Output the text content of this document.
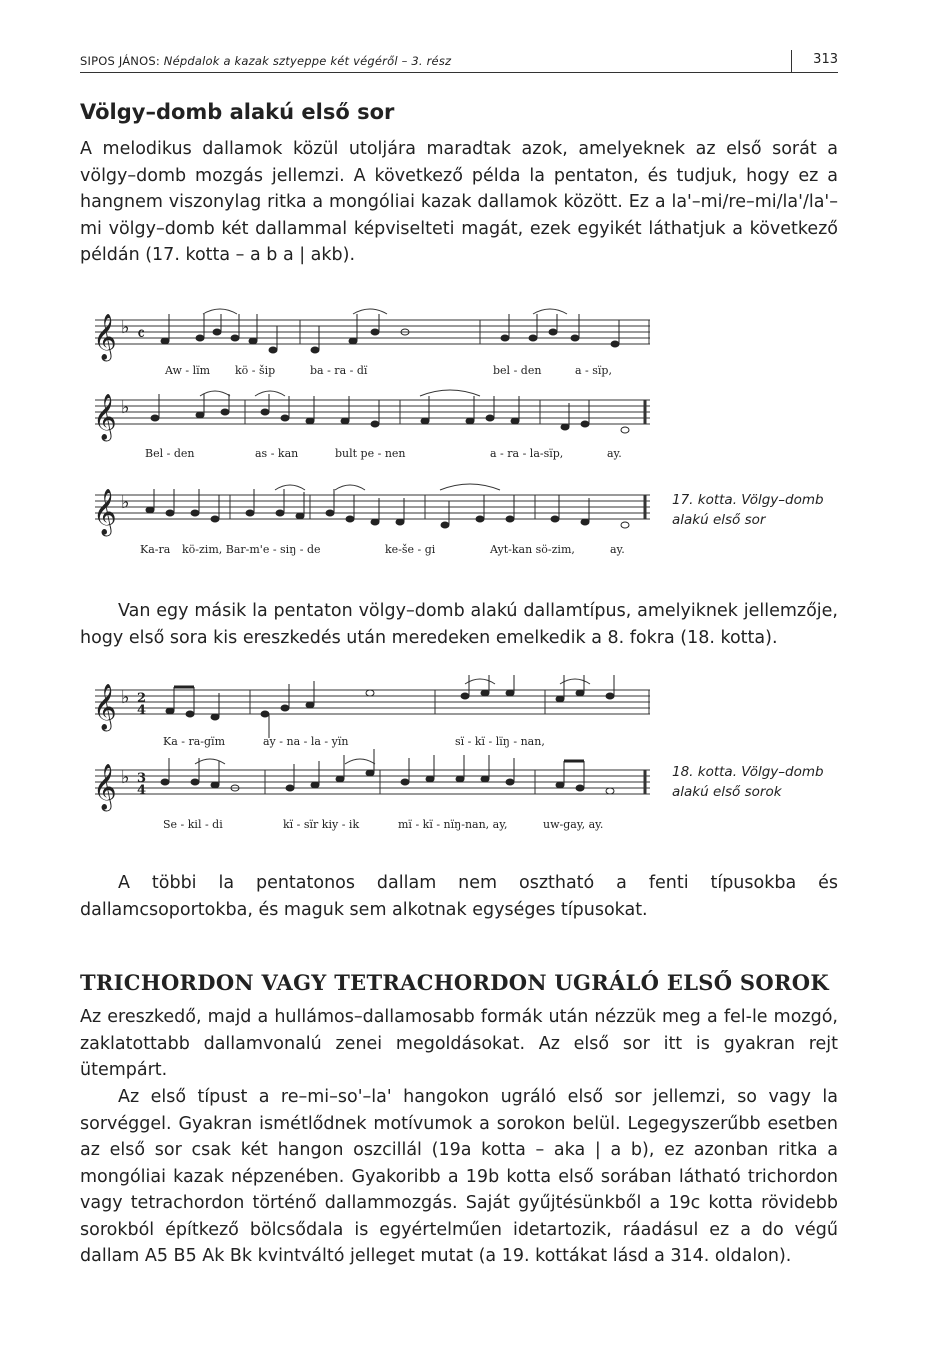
SIPOS JÁNOS: Népdalok a kazak sztyeppe két végéről – 3. rész	313
Völgy–domb alakú első sor

A melodikus dallamok közül utoljára maradtak azok, amelyeknek az első sorát a völgy–domb mozgás jellemzi. A következő példa la pentaton, és tudjuk, hogy ez a hangnem viszonylag ritka a mongóliai kazak dallamok között. Ez a la'–mi/re–mi/la'/la'–mi völgy–domb két dallammal képviselteti magát, ezek egyikét láthatjuk a következő példán (17. kotta – a b a | akb).

𝄞
𝄞
𝄞
♭
♭
♭
𝄴
Aw - lïm kö - šip	ba - ra - dï	bel - den	a - sïp,
Bel - den	as - kan	bult pe - nen	a - ra - la-sïp,	ay.
Ka-ra kö-zim, Bar-m'e - siŋ - de	ke-še - gi	Ayt-kan sö-zim,	ay.
17. kotta. Völgy–domb alakú első sor

Van egy másik la pentaton völgy–domb alakú dallamtípus, amelyiknek jellemzője, hogy első sora kis ereszkedés után meredeken emelkedik a 8. fokra (18. kotta).

𝄞
𝄞
♭
♭
2
4
3
4
Ka - ra-gïm	ay - na - la - yïn	sï - kï - lïŋ - nan,
Se - kil - di	kï - sïr kiy - ik	mï - kï - nïŋ-nan, ay,	uw-gay, ay.
18. kotta. Völgy–domb alakú első sorok

A többi la pentatonos dallam nem osztható a fenti típusokba és dallamcsoportokba, és maguk sem alkotnak egységes típusokat.

TRICHORDON VAGY TETRACHORDON UGRÁLÓ ELSŐ SOROK

Az ereszkedő, majd a hullámos–dallamosabb formák után nézzük meg a fel-le mozgó, zaklatottabb dallamvonalú zenei megoldásokat. Az első sor itt is gyakran rejt ütempárt.

Az első típust a re–mi–so'–la' hangokon ugráló első sor jellemzi, so vagy la sorvéggel. Gyakran ismétlődnek motívumok a sorokon belül. Legegyszerűbb esetben az első sor csak két hangon oszcillál (19a kotta – aka | a b), ez azonban ritka a mongóliai kazak népzenében. Gyakoribb a 19b kotta első sorában látható trichordon vagy tetrachordon történő dallammozgás. Saját gyűjtésünkből a 19c kotta rövidebb sorokból építkező bölcsődala is egyértelműen idetartozik, ráadásul ez a do végű dallam A5 B5 Ak Bk kvintváltó jelleget mutat (a 19. kottákat lásd a 314. oldalon).
